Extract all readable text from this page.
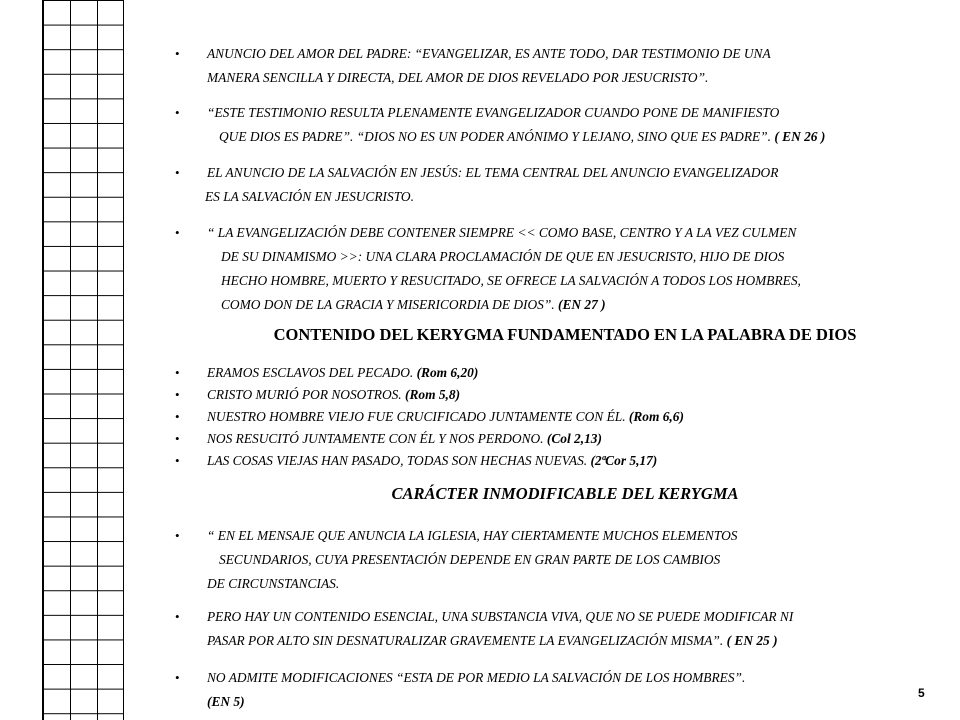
• ANUNCIO DEL AMOR DEL PADRE: “EVANGELIZAR, ES ANTE TODO, DAR TESTIMONIO DE UNA
MANERA SENCILLA Y DIRECTA, DEL AMOR DE DIOS REVELADO POR JESUCRISTO”.
• “ESTE TESTIMONIO RESULTA PLENAMENTE EVANGELIZADOR CUANDO PONE DE MANIFIESTO
QUE DIOS ES PADRE”. “DIOS NO ES UN PODER ANÓNIMO Y LEJANO, SINO QUE ES PADRE”. ( EN 26 )
• EL ANUNCIO DE LA SALVACIÓN EN JESÚS: EL TEMA CENTRAL DEL ANUNCIO EVANGELIZADOR
ES LA SALVACIÓN EN JESUCRISTO.
• “ LA EVANGELIZACIÓN DEBE CONTENER SIEMPRE << COMO BASE, CENTRO Y A LA VEZ CULMEN
DE SU DINAMISMO >>: UNA CLARA PROCLAMACIÓN DE QUE EN JESUCRISTO, HIJO DE DIOS
HECHO HOMBRE, MUERTO Y RESUCITADO, SE OFRECE LA SALVACIÓN A TODOS LOS HOMBRES,
COMO DON DE LA GRACIA Y MISERICORDIA DE DIOS”. (EN 27 )
CONTENIDO DEL KERYGMA FUNDAMENTADO EN LA PALABRA DE DIOS
• ERAMOS ESCLAVOS DEL PECADO. (Rom 6,20)
• CRISTO MURIÓ POR NOSOTROS. (Rom 5,8)
• NUESTRO HOMBRE VIEJO FUE CRUCIFICADO JUNTAMENTE CON ÉL. (Rom 6,6)
• NOS RESUCITÓ JUNTAMENTE CON ÉL Y NOS PERDONO. (Col 2,13)
• LAS COSAS VIEJAS HAN PASADO, TODAS SON HECHAS NUEVAS. (2ªCor 5,17)
CARÁCTER INMODIFICABLE DEL KERYGMA
• “ EN EL MENSAJE QUE ANUNCIA LA IGLESIA, HAY CIERTAMENTE MUCHOS ELEMENTOS
SECUNDARIOS, CUYA PRESENTACIÓN DEPENDE EN GRAN PARTE DE LOS CAMBIOS
DE CIRCUNSTANCIAS.
• PERO HAY UN CONTENIDO ESENCIAL, UNA SUBSTANCIA VIVA, QUE NO SE PUEDE MODIFICAR NI
PASAR POR ALTO SIN DESNATURALIZAR GRAVEMENTE LA EVANGELIZACIÓN MISMA”. ( EN 25 )
• NO ADMITE MODIFICACIONES “ESTA DE POR MEDIO LA SALVACIÓN DE LOS HOMBRES”.
(EN 5)
5
